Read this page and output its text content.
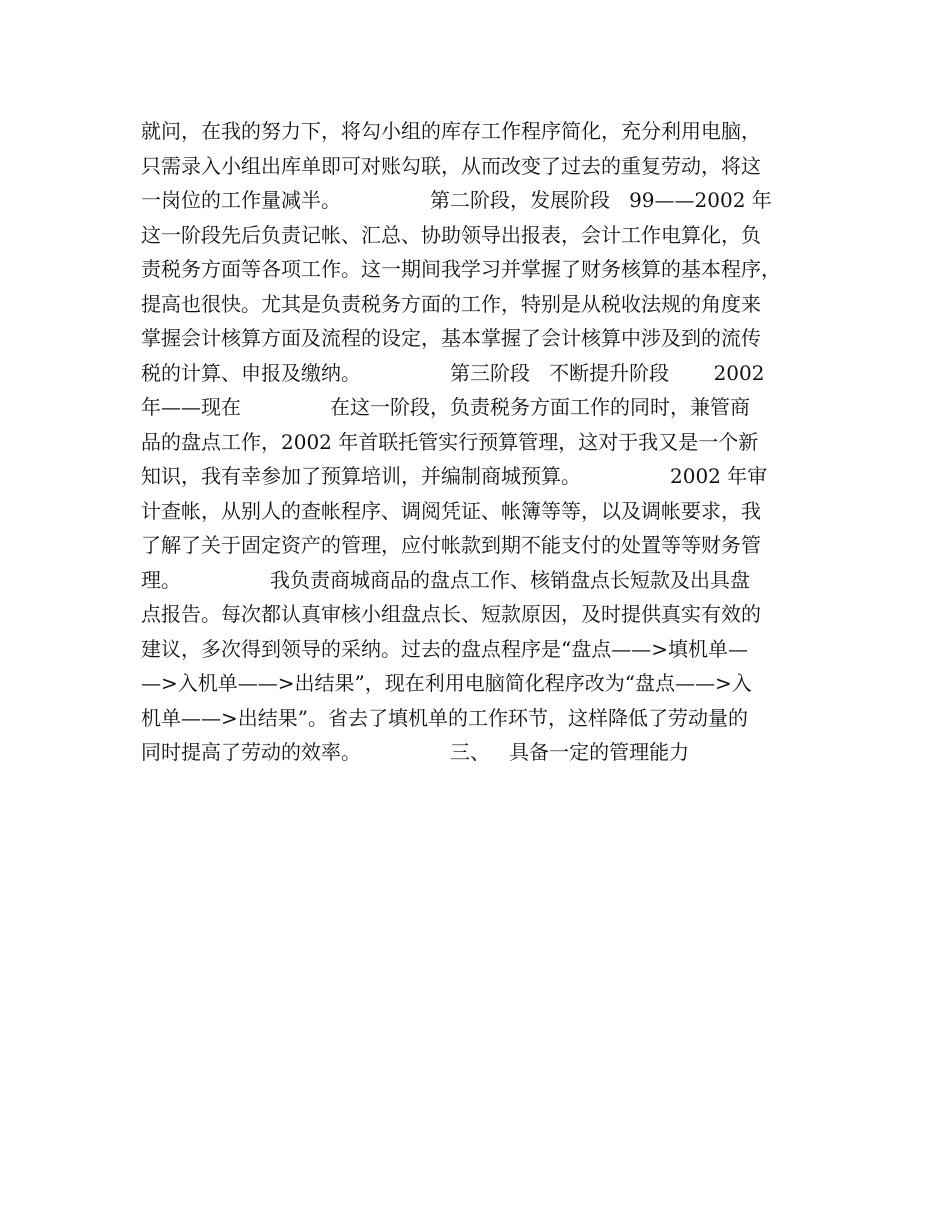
就问，在我的努力下，将勾小组的库存工作程序简化，充分利用电脑，
只需录入小组出库单即可对账勾联，从而改变了过去的重复劳动，将这
一岗位的工作量减半。              第二阶段，发展阶段   99——2002 年
这一阶段先后负责记帐、汇总、协助领导出报表，会计工作电算化，负
责税务方面等各项工作。这一期间我学习并掌握了财务核算的基本程序，
提高也很快。尤其是负责税务方面的工作，特别是从税收法规的角度来
掌握会计核算方面及流程的设定，基本掌握了会计核算中涉及到的流传
税的计算、申报及缴纳。              第三阶段   不断提升阶段       2002
年——现在              在这一阶段，负责税务方面工作的同时，兼管商
品的盘点工作，2002 年首联托管实行预算管理，这对于我又是一个新
知识，我有幸参加了预算培训，并编制商城预算。              2002 年审
计查帐，从别人的查帐程序、调阅凭证、帐簿等等，以及调帐要求，我
了解了关于固定资产的管理，应付帐款到期不能支付的处置等等财务管
理。              我负责商城商品的盘点工作、核销盘点长短款及出具盘
点报告。每次都认真审核小组盘点长、短款原因，及时提供真实有效的
建议，多次得到领导的采纳。过去的盘点程序是“盘点——>填机单—
—>入机单——>出结果”，现在利用电脑简化程序改为“盘点——>入
机单——>出结果”。省去了填机单的工作环节，这样降低了劳动量的
同时提高了劳动的效率。              三、   具备一定的管理能力
